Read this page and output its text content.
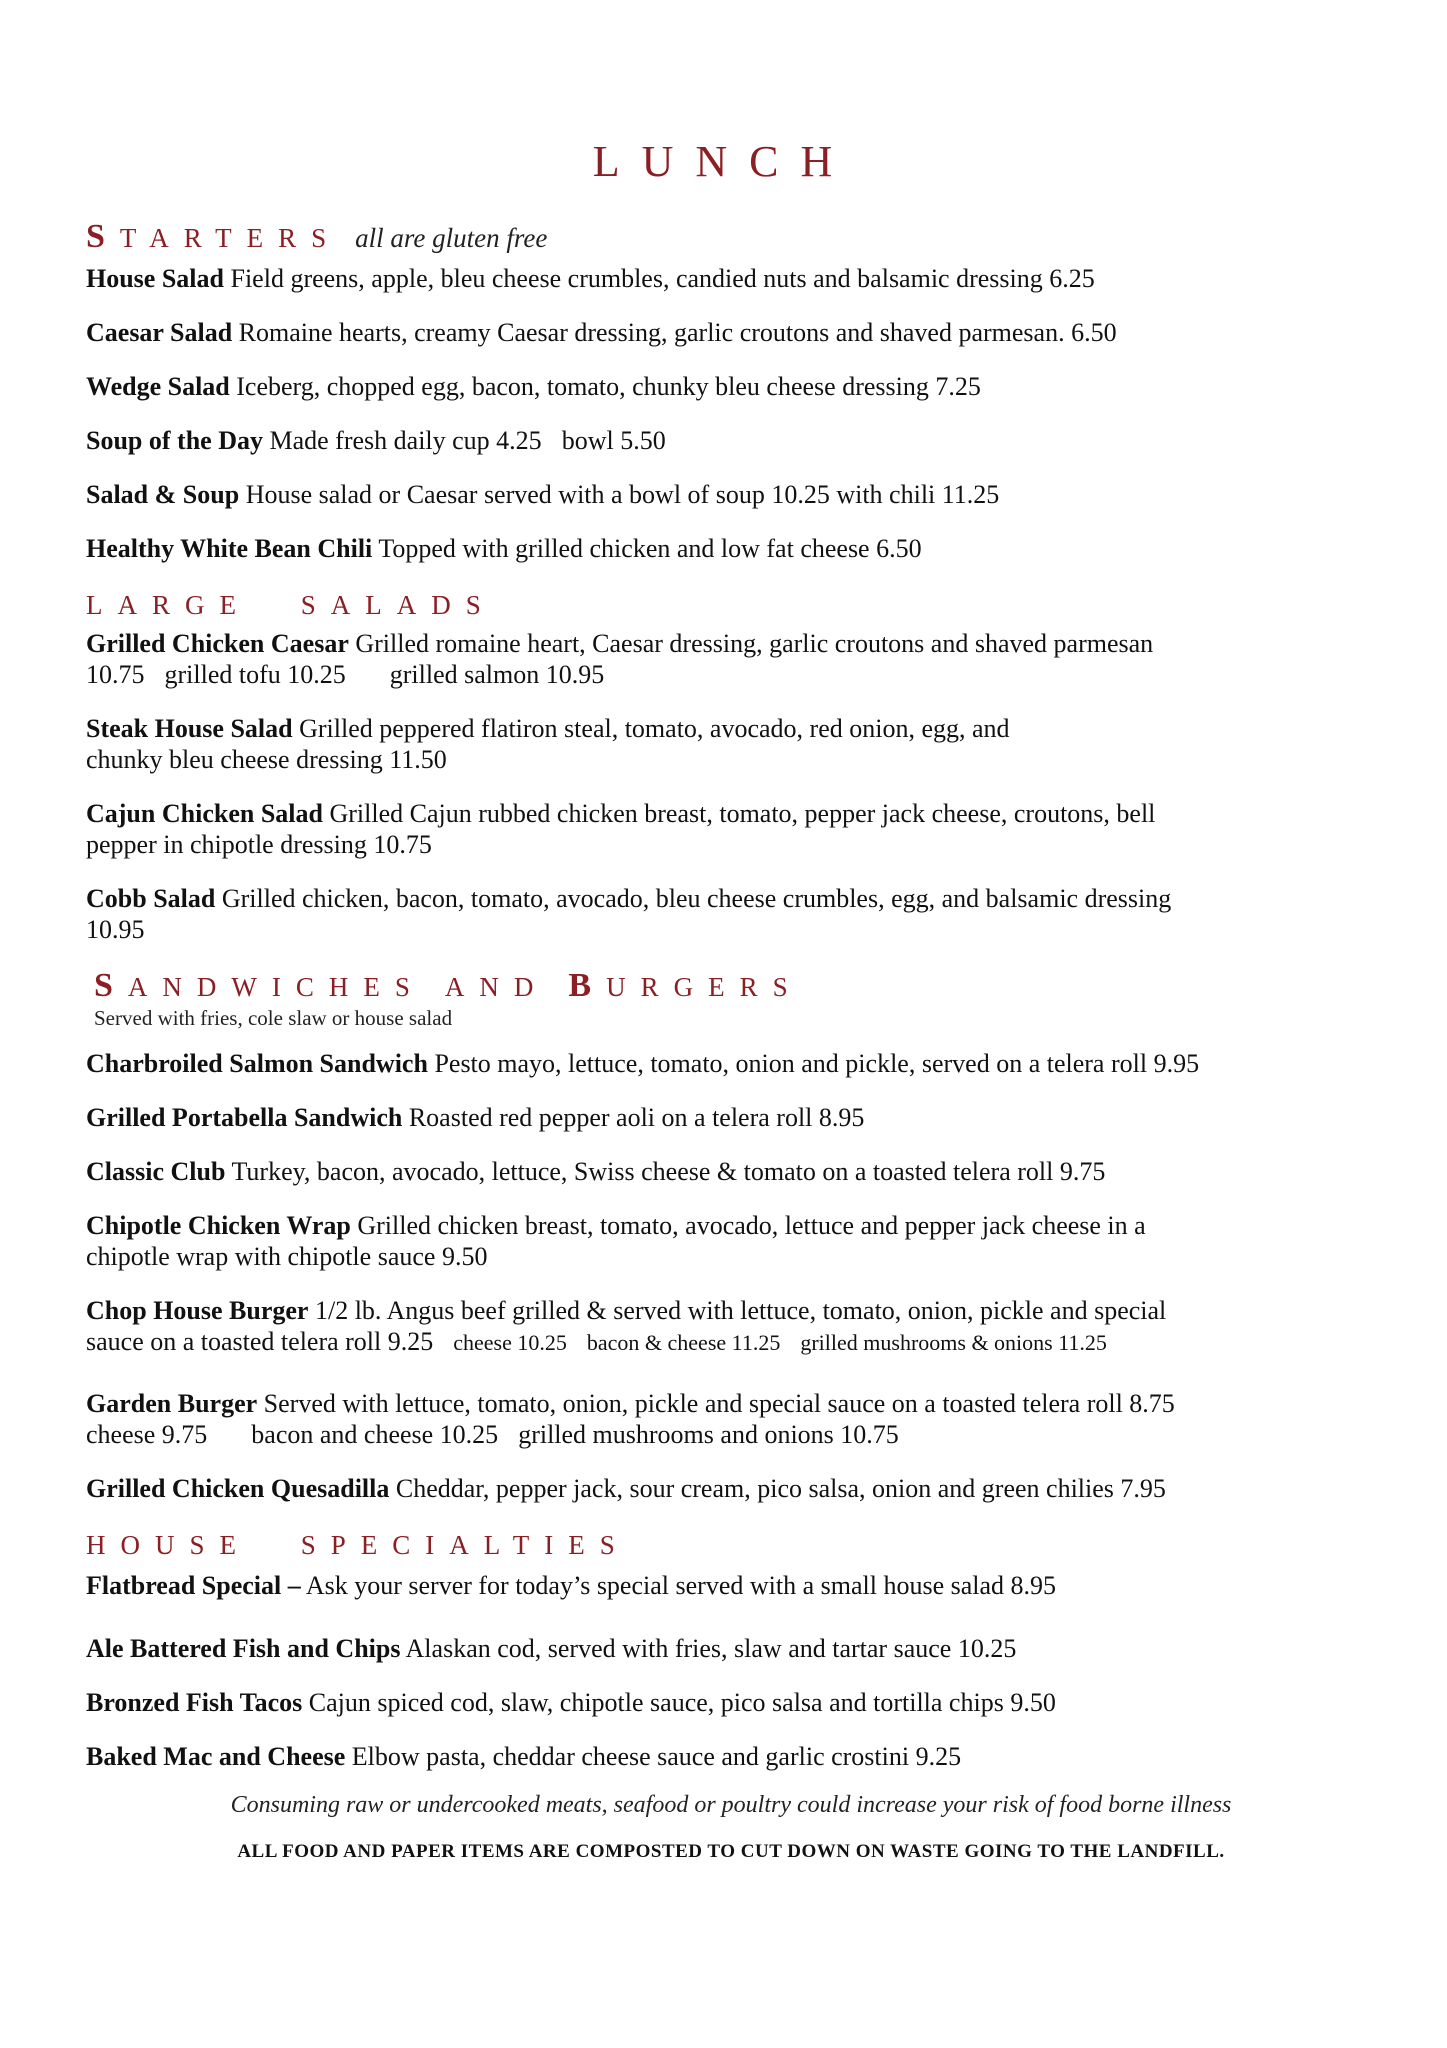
LUNCH
STARTERS all are gluten free
House Salad Field greens, apple, bleu cheese crumbles, candied nuts and balsamic dressing 6.25
Caesar Salad Romaine hearts, creamy Caesar dressing, garlic croutons and shaved parmesan. 6.50
Wedge Salad Iceberg, chopped egg, bacon, tomato, chunky bleu cheese dressing 7.25
Soup of the Day Made fresh daily cup 4.25 bowl 5.50
Salad & Soup House salad or Caesar served with a bowl of soup 10.25 with chili 11.25
Healthy White Bean Chili Topped with grilled chicken and low fat cheese 6.50
LARGE SALADS
Grilled Chicken Caesar Grilled romaine heart, Caesar dressing, garlic croutons and shaved parmesan
10.75 grilled tofu 10.25 grilled salmon 10.95
Steak House Salad Grilled peppered flatiron steal, tomato, avocado, red onion, egg, and
chunky bleu cheese dressing 11.50
Cajun Chicken Salad Grilled Cajun rubbed chicken breast, tomato, pepper jack cheese, croutons, bell
pepper in chipotle dressing 10.75
Cobb Salad Grilled chicken, bacon, tomato, avocado, bleu cheese crumbles, egg, and balsamic dressing
10.95
SANDWICHES AND BURGERS
Served with fries, cole slaw or house salad
Charbroiled Salmon Sandwich Pesto mayo, lettuce, tomato, onion and pickle, served on a telera roll 9.95
Grilled Portabella Sandwich Roasted red pepper aoli on a telera roll 8.95
Classic Club Turkey, bacon, avocado, lettuce, Swiss cheese & tomato on a toasted telera roll 9.75
Chipotle Chicken Wrap Grilled chicken breast, tomato, avocado, lettuce and pepper jack cheese in a
chipotle wrap with chipotle sauce 9.50
Chop House Burger 1/2 lb. Angus beef grilled & served with lettuce, tomato, onion, pickle and special
sauce on a toasted telera roll 9.25 cheese 10.25 bacon & cheese 11.25 grilled mushrooms & onions 11.25
Garden Burger Served with lettuce, tomato, onion, pickle and special sauce on a toasted telera roll 8.75
cheese 9.75 bacon and cheese 10.25 grilled mushrooms and onions 10.75
Grilled Chicken Quesadilla Cheddar, pepper jack, sour cream, pico salsa, onion and green chilies 7.95
HOUSE SPECIALTIES
Flatbread Special – Ask your server for today’s special served with a small house salad 8.95
Ale Battered Fish and Chips Alaskan cod, served with fries, slaw and tartar sauce 10.25
Bronzed Fish Tacos Cajun spiced cod, slaw, chipotle sauce, pico salsa and tortilla chips 9.50
Baked Mac and Cheese Elbow pasta, cheddar cheese sauce and garlic crostini 9.25
Consuming raw or undercooked meats, seafood or poultry could increase your risk of food borne illness
ALL FOOD AND PAPER ITEMS ARE COMPOSTED TO CUT DOWN ON WASTE GOING TO THE LANDFILL.
